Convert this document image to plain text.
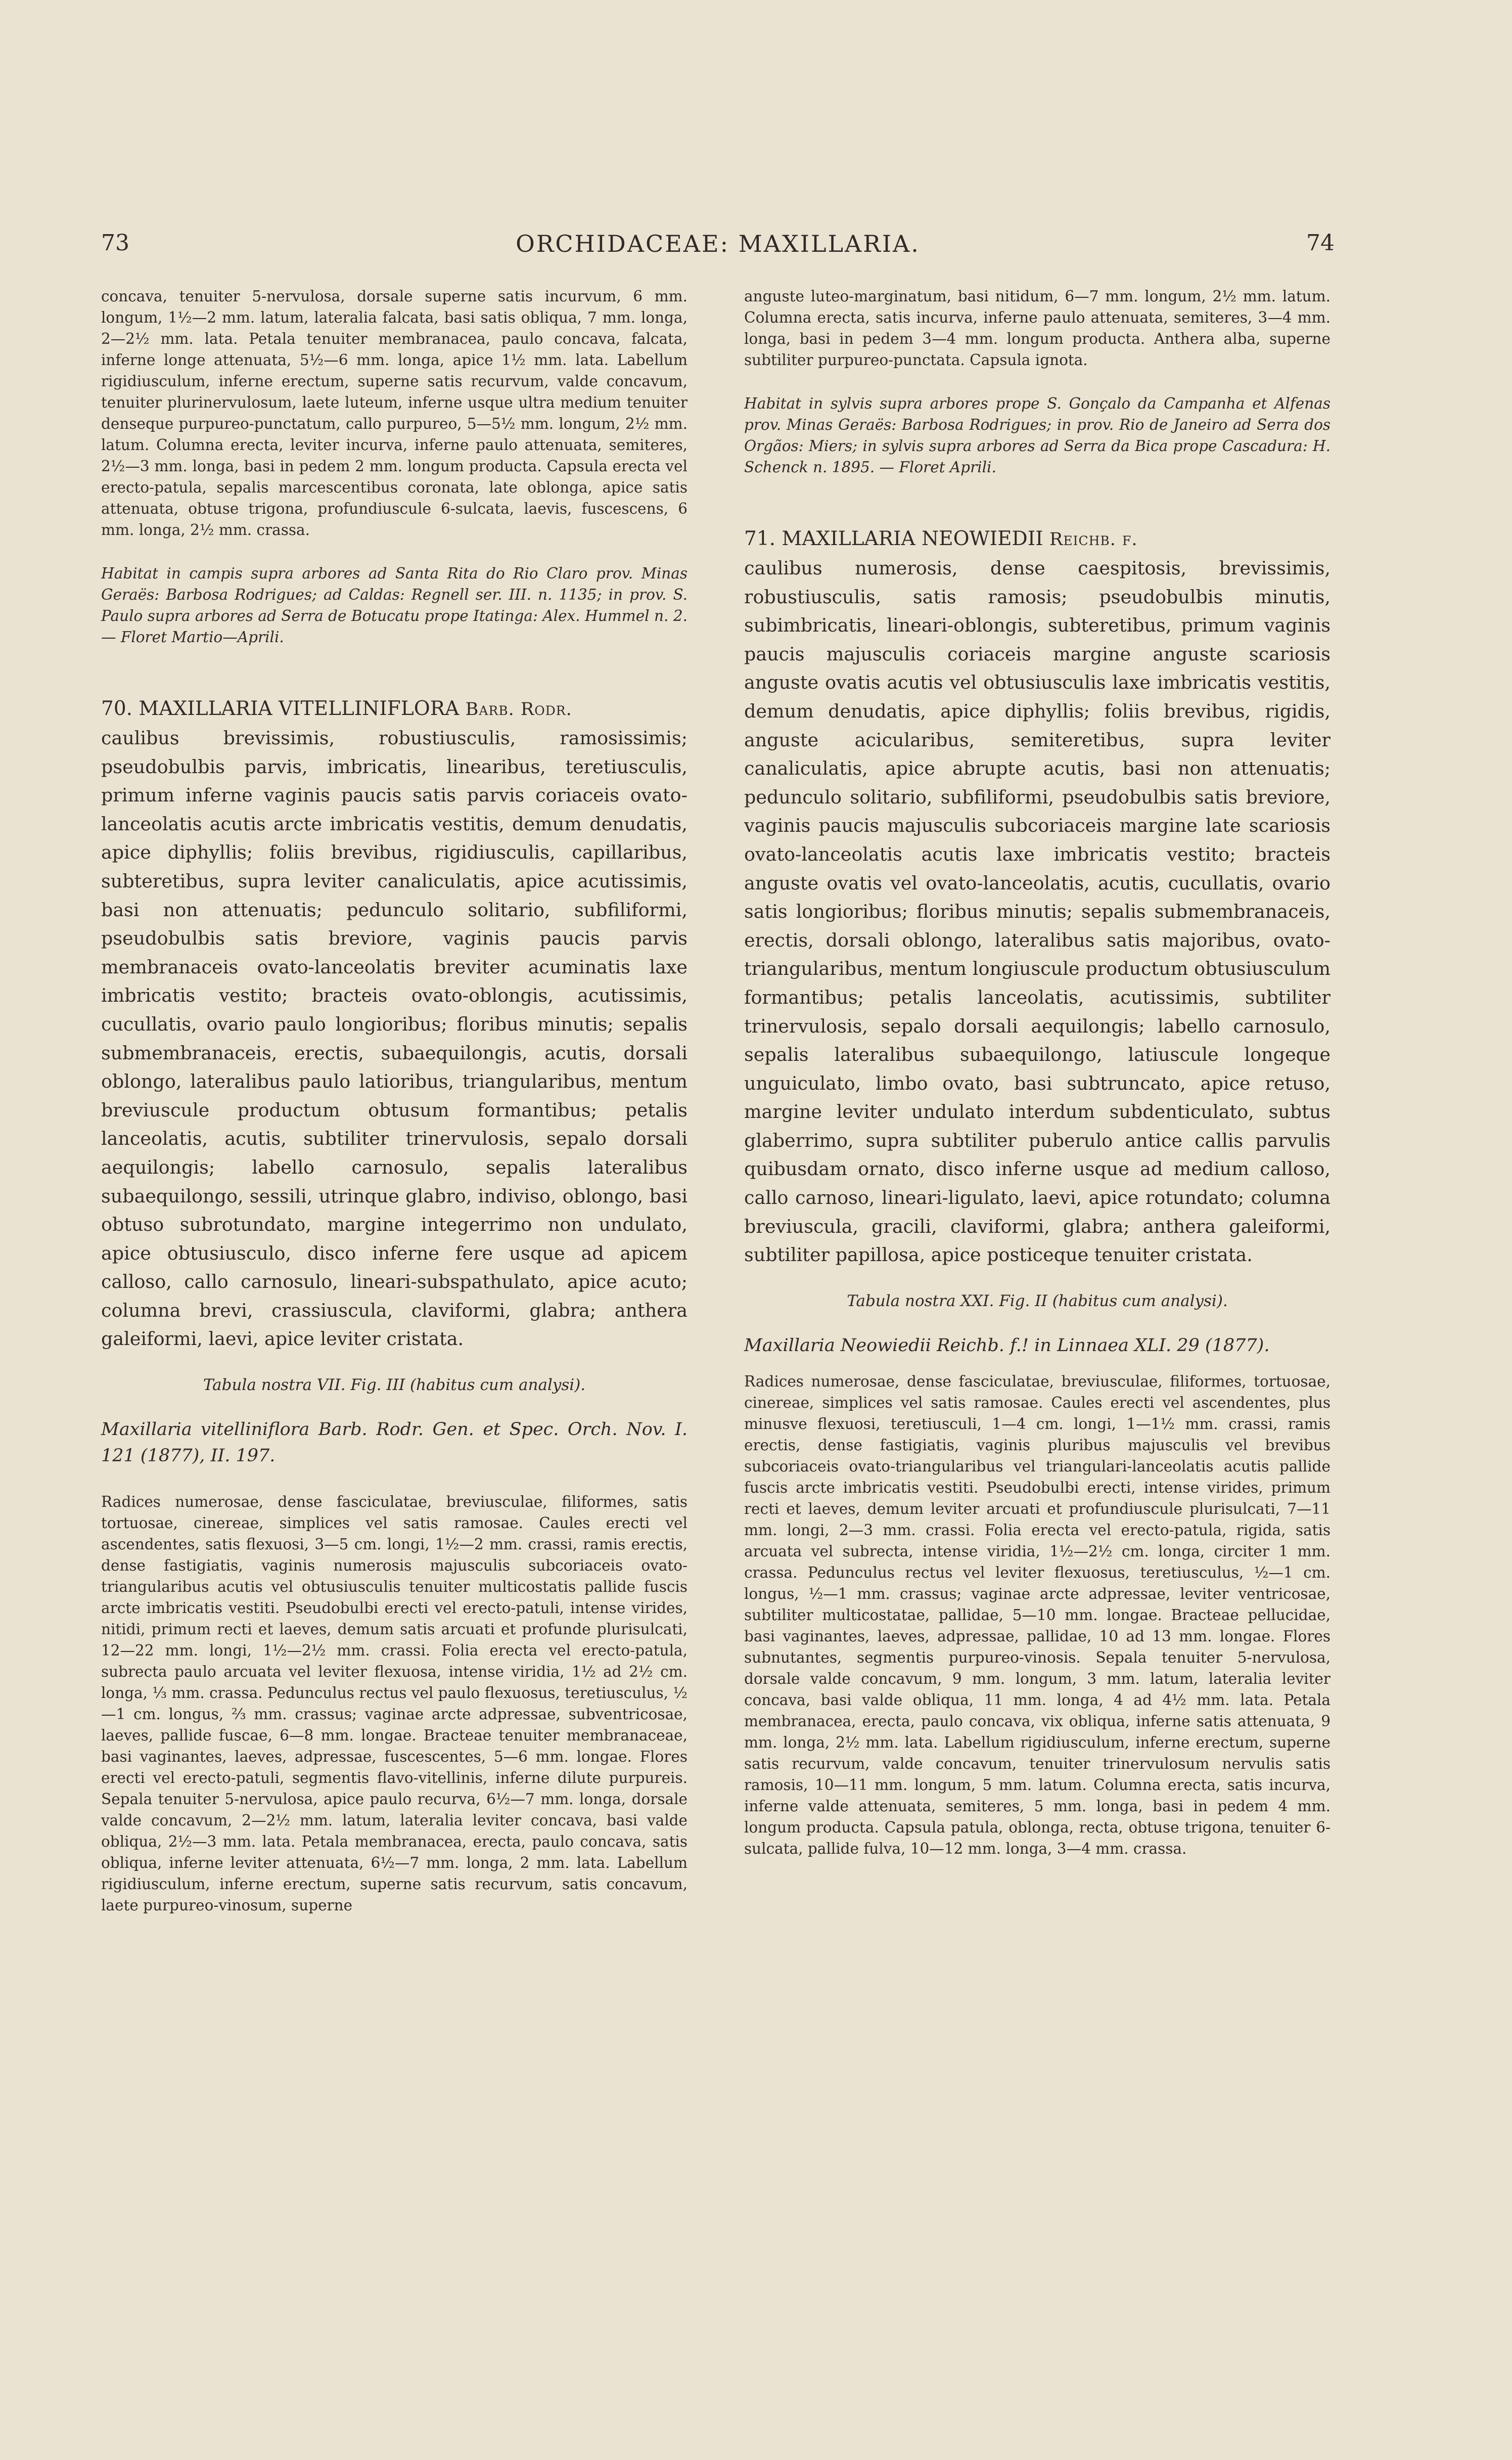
73	ORCHIDACEAE: MAXILLARIA.	74

concava, tenuiter 5-nervulosa, dorsale superne satis incurvum, 6 mm. longum, 1½—2 mm. latum, lateralia falcata, basi satis obliqua, 7 mm. longa, 2—2½ mm. lata. Petala tenuiter membranacea, paulo concava, falcata, inferne longe attenuata, 5½—6 mm. longa, apice 1½ mm. lata. Labellum rigidiusculum, inferne erectum, superne satis recurvum, valde concavum, tenuiter plurinervulosum, laete luteum, inferne usque ultra medium tenuiter denseque purpureo-punctatum, callo purpureo, 5—5½ mm. longum, 2½ mm. latum. Columna erecta, leviter incurva, inferne paulo attenuata, semiteres, 2½—3 mm. longa, basi in pedem 2 mm. longum producta. Capsula erecta vel erecto-patula, sepalis marcescentibus coronata, late oblonga, apice satis attenuata, obtuse trigona, profundiuscule 6-sulcata, laevis, fuscescens, 6 mm. longa, 2½ mm. crassa.

Habitat in campis supra arbores ad Santa Rita do Rio Claro prov. Minas Geraës: Barbosa Rodrigues; ad Caldas: Regnell ser. III. n. 1135; in prov. S. Paulo supra arbores ad Serra de Botucatu prope Itatinga: Alex. Hummel n. 2. — Floret Martio—Aprili.

70. MAXILLARIA VITELLINIFLORA Barb. Rodr.

caulibus brevissimis, robustiusculis, ramosissimis; pseudobulbis parvis, imbricatis, linearibus, teretiusculis, primum inferne vaginis paucis satis parvis coriaceis ovato-lanceolatis acutis arcte imbricatis vestitis, demum denudatis, apice diphyllis; foliis brevibus, rigidiusculis, capillaribus, subteretibus, supra leviter canaliculatis, apice acutissimis, basi non attenuatis; pedunculo solitario, subfiliformi, pseudobulbis satis breviore, vaginis paucis parvis membranaceis ovato-lanceolatis breviter acuminatis laxe imbricatis vestito; bracteis ovato-oblongis, acutissimis, cucullatis, ovario paulo longioribus; floribus minutis; sepalis submembranaceis, erectis, subaequilongis, acutis, dorsali oblongo, lateralibus paulo latioribus, triangularibus, mentum breviuscule productum obtusum formantibus; petalis lanceolatis, acutis, subtiliter trinervulosis, sepalo dorsali aequilongis; labello carnosulo, sepalis lateralibus subaequilongo, sessili, utrinque glabro, indiviso, oblongo, basi obtuso subrotundato, margine integerrimo non undulato, apice obtusiusculo, disco inferne fere usque ad apicem calloso, callo carnosulo, lineari-subspathulato, apice acuto; columna brevi, crassiuscula, claviformi, glabra; anthera galeiformi, laevi, apice leviter cristata.

Tabula nostra VII. Fig. III (habitus cum analysi).

Maxillaria vitelliniflora Barb. Rodr. Gen. et Spec. Orch. Nov. I. 121 (1877), II. 197.

Radices numerosae, dense fasciculatae, breviusculae, filiformes, satis tortuosae, cinereae, simplices vel satis ramosae. Caules erecti vel ascendentes, satis flexuosi, 3—5 cm. longi, 1½—2 mm. crassi, ramis erectis, dense fastigiatis, vaginis numerosis majusculis subcoriaceis ovato-triangularibus acutis vel obtusiusculis tenuiter multicostatis pallide fuscis arcte imbricatis vestiti. Pseudobulbi erecti vel erecto-patuli, intense virides, nitidi, primum recti et laeves, demum satis arcuati et profunde plurisulcati, 12—22 mm. longi, 1½—2½ mm. crassi. Folia erecta vel erecto-patula, subrecta paulo arcuata vel leviter flexuosa, intense viridia, 1½ ad 2½ cm. longa, ⅓ mm. crassa. Pedunculus rectus vel paulo flexuosus, teretiusculus, ½—1 cm. longus, ⅔ mm. crassus; vaginae arcte adpressae, subventricosae, laeves, pallide fuscae, 6—8 mm. longae. Bracteae tenuiter membranaceae, basi vaginantes, laeves, adpressae, fuscescentes, 5—6 mm. longae. Flores erecti vel erecto-patuli, segmentis flavo-vitellinis, inferne dilute purpureis. Sepala tenuiter 5-nervulosa, apice paulo recurva, 6½—7 mm. longa, dorsale valde concavum, 2—2½ mm. latum, lateralia leviter concava, basi valde obliqua, 2½—3 mm. lata. Petala membranacea, erecta, paulo concava, satis obliqua, inferne leviter attenuata, 6½—7 mm. longa, 2 mm. lata. Labellum rigidiusculum, inferne erectum, superne satis recurvum, satis concavum, laete purpureo-vinosum, superne

anguste luteo-marginatum, basi nitidum, 6—7 mm. longum, 2½ mm. latum. Columna erecta, satis incurva, inferne paulo attenuata, semiteres, 3—4 mm. longa, basi in pedem 3—4 mm. longum producta. Anthera alba, superne subtiliter purpureo-punctata. Capsula ignota.

Habitat in sylvis supra arbores prope S. Gonçalo da Campanha et Alfenas prov. Minas Geraës: Barbosa Rodrigues; in prov. Rio de Janeiro ad Serra dos Orgãos: Miers; in sylvis supra arbores ad Serra da Bica prope Cascadura: H. Schenck n. 1895. — Floret Aprili.

71. MAXILLARIA NEOWIEDII Reichb. f.

caulibus numerosis, dense caespitosis, brevissimis, robustiusculis, satis ramosis; pseudobulbis minutis, subimbricatis, lineari-oblongis, subteretibus, primum vaginis paucis majusculis coriaceis margine anguste scariosis anguste ovatis acutis vel obtusiusculis laxe imbricatis vestitis, demum denudatis, apice diphyllis; foliis brevibus, rigidis, anguste acicularibus, semiteretibus, supra leviter canaliculatis, apice abrupte acutis, basi non attenuatis; pedunculo solitario, subfiliformi, pseudobulbis satis breviore, vaginis paucis majusculis subcoriaceis margine late scariosis ovato-lanceolatis acutis laxe imbricatis vestito; bracteis anguste ovatis vel ovato-lanceolatis, acutis, cucullatis, ovario satis longioribus; floribus minutis; sepalis submembranaceis, erectis, dorsali oblongo, lateralibus satis majoribus, ovato-triangularibus, mentum longiuscule productum obtusiusculum formantibus; petalis lanceolatis, acutissimis, subtiliter trinervulosis, sepalo dorsali aequilongis; labello carnosulo, sepalis lateralibus subaequilongo, latiuscule longeque unguiculato, limbo ovato, basi subtruncato, apice retuso, margine leviter undulato interdum subdenticulato, subtus glaberrimo, supra subtiliter puberulo antice callis parvulis quibusdam ornato, disco inferne usque ad medium calloso, callo carnoso, lineari-ligulato, laevi, apice rotundato; columna breviuscula, gracili, claviformi, glabra; anthera galeiformi, subtiliter papillosa, apice posticeque tenuiter cristata.

Tabula nostra XXI. Fig. II (habitus cum analysi).

Maxillaria Neowiedii Reichb. f.! in Linnaea XLI. 29 (1877).

Radices numerosae, dense fasciculatae, breviusculae, filiformes, tortuosae, cinereae, simplices vel satis ramosae. Caules erecti vel ascendentes, plus minusve flexuosi, teretiusculi, 1—4 cm. longi, 1—1½ mm. crassi, ramis erectis, dense fastigiatis, vaginis pluribus majusculis vel brevibus subcoriaceis ovato-triangularibus vel triangulari-lanceolatis acutis pallide fuscis arcte imbricatis vestiti. Pseudobulbi erecti, intense virides, primum recti et laeves, demum leviter arcuati et profundiuscule plurisulcati, 7—11 mm. longi, 2—3 mm. crassi. Folia erecta vel erecto-patula, rigida, satis arcuata vel subrecta, intense viridia, 1½—2½ cm. longa, circiter 1 mm. crassa. Pedunculus rectus vel leviter flexuosus, teretiusculus, ½—1 cm. longus, ½—1 mm. crassus; vaginae arcte adpressae, leviter ventricosae, subtiliter multicostatae, pallidae, 5—10 mm. longae. Bracteae pellucidae, basi vaginantes, laeves, adpressae, pallidae, 10 ad 13 mm. longae. Flores subnutantes, segmentis purpureo-vinosis. Sepala tenuiter 5-nervulosa, dorsale valde concavum, 9 mm. longum, 3 mm. latum, lateralia leviter concava, basi valde obliqua, 11 mm. longa, 4 ad 4½ mm. lata. Petala membranacea, erecta, paulo concava, vix obliqua, inferne satis attenuata, 9 mm. longa, 2½ mm. lata. Labellum rigidiusculum, inferne erectum, superne satis recurvum, valde concavum, tenuiter trinervulosum nervulis satis ramosis, 10—11 mm. longum, 5 mm. latum. Columna erecta, satis incurva, inferne valde attenuata, semiteres, 5 mm. longa, basi in pedem 4 mm. longum producta. Capsula patula, oblonga, recta, obtuse trigona, tenuiter 6-sulcata, pallide fulva, 10—12 mm. longa, 3—4 mm. crassa.
